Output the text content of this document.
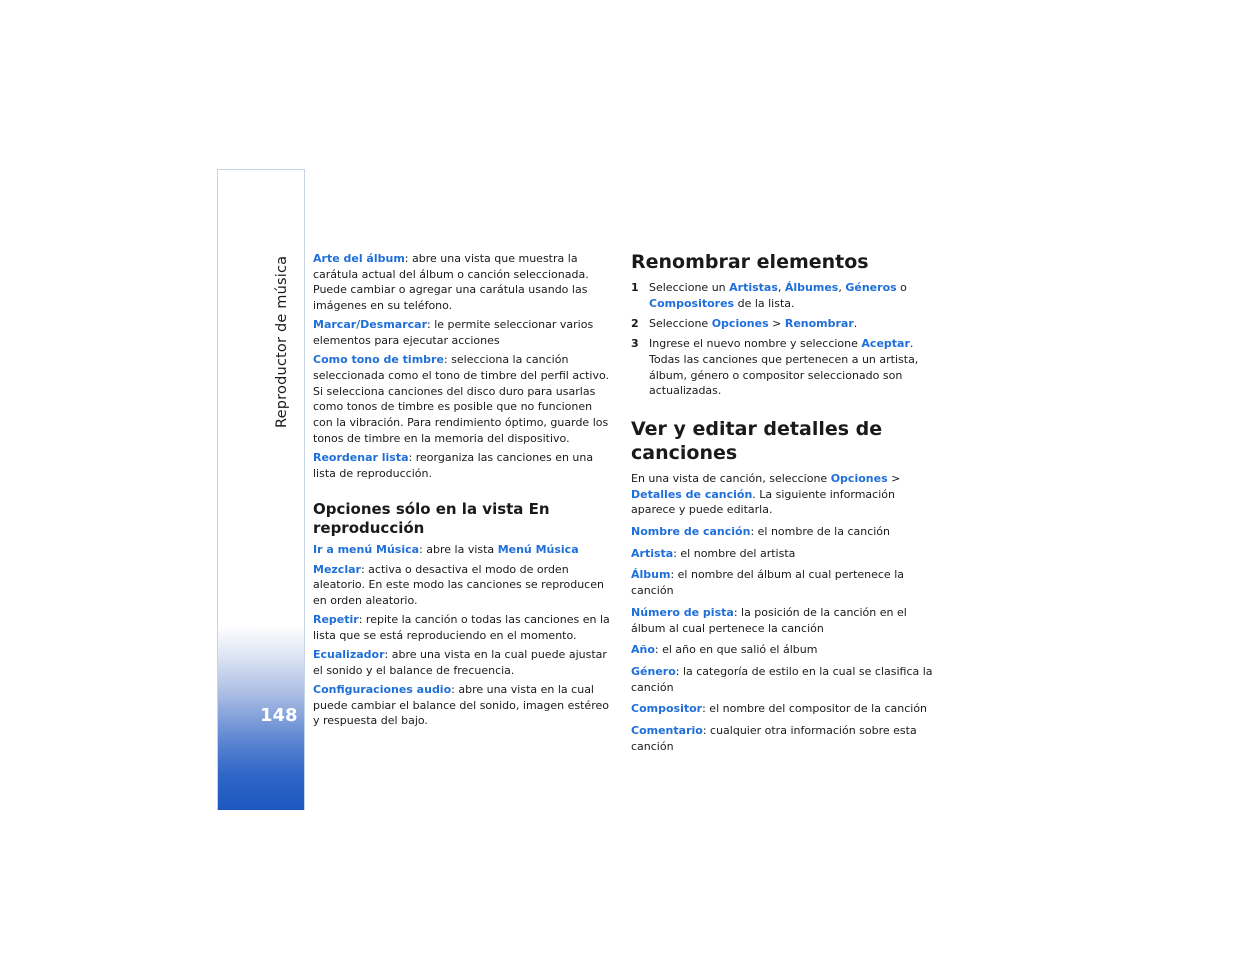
Reproductor de música
148

Arte del álbum: abre una vista que muestra la carátula actual del álbum o canción seleccionada. Puede cambiar o agregar una carátula usando las imágenes en su teléfono.

Marcar/Desmarcar: le permite seleccionar varios elementos para ejecutar acciones

Como tono de timbre: selecciona la canción seleccionada como el tono de timbre del perfil activo. Si selecciona canciones del disco duro para usarlas como tonos de timbre es posible que no funcionen con la vibración. Para rendimiento óptimo, guarde los tonos de timbre en la memoria del dispositivo.

Reordenar lista: reorganiza las canciones en una lista de reproducción.

Opciones sólo en la vista En reproducción

Ir a menú Música: abre la vista Menú Música

Mezclar: activa o desactiva el modo de orden aleatorio. En este modo las canciones se reproducen en orden aleatorio.

Repetir: repite la canción o todas las canciones en la lista que se está reproduciendo en el momento.

Ecualizador: abre una vista en la cual puede ajustar el sonido y el balance de frecuencia.

Configuraciones audio: abre una vista en la cual puede cambiar el balance del sonido, imagen estéreo y respuesta del bajo.

Renombrar elementos
1 Seleccione un Artistas, Álbumes, Géneros o Compositores de la lista.
2 Seleccione Opciones > Renombrar.
3 Ingrese el nuevo nombre y seleccione Aceptar. Todas las canciones que pertenecen a un artista, álbum, género o compositor seleccionado son actualizadas.
Ver y editar detalles de canciones

En una vista de canción, seleccione Opciones > Detalles de canción. La siguiente información aparece y puede editarla.

Nombre de canción: el nombre de la canción

Artista: el nombre del artista

Álbum: el nombre del álbum al cual pertenece la canción

Número de pista: la posición de la canción en el álbum al cual pertenece la canción

Año: el año en que salió el álbum

Género: la categoría de estilo en la cual se clasifica la canción

Compositor: el nombre del compositor de la canción

Comentario: cualquier otra información sobre esta canción
